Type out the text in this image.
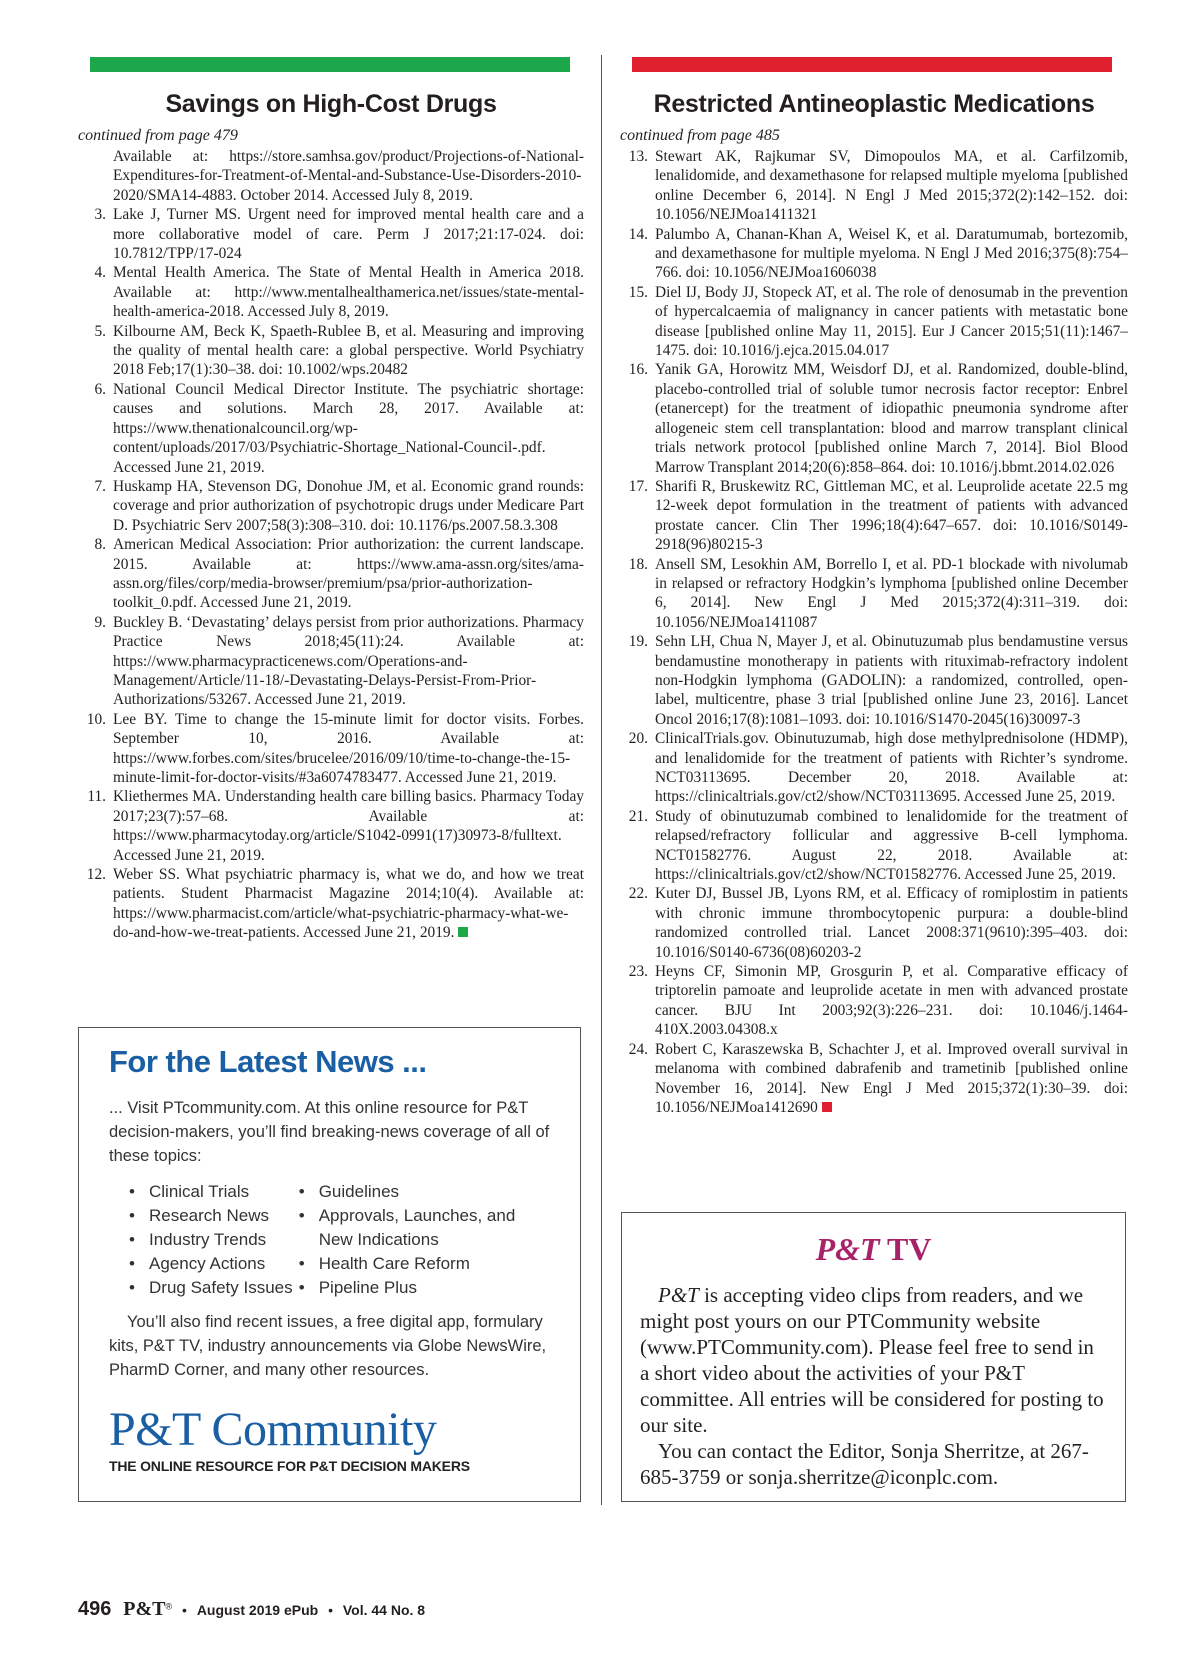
Savings on High-Cost Drugs
continued from page 479
Available at: https://store.samhsa.gov/product/Projections-of-National-Expenditures-for-Treatment-of-Mental-and-Substance-Use-Disorders-2010-2020/SMA14-4883. October 2014. Accessed July 8, 2019.
3. Lake J, Turner MS. Urgent need for improved mental health care and a more collaborative model of care. Perm J 2017;21:17-024. doi: 10.7812/TPP/17-024
4. Mental Health America. The State of Mental Health in America 2018. Available at: http://www.mentalhealthamerica.net/issues/state-mental-health-america-2018. Accessed July 8, 2019.
5. Kilbourne AM, Beck K, Spaeth-Rublee B, et al. Measuring and improving the quality of mental health care: a global perspective. World Psychiatry 2018 Feb;17(1):30–38. doi: 10.1002/wps.20482
6. National Council Medical Director Institute. The psychiatric shortage: causes and solutions. March 28, 2017. Available at: https://www.thenationalcouncil.org/wp-content/uploads/2017/03/Psychiatric-Shortage_National-Council-.pdf. Accessed June 21, 2019.
7. Huskamp HA, Stevenson DG, Donohue JM, et al. Economic grand rounds: coverage and prior authorization of psychotropic drugs under Medicare Part D. Psychiatric Serv 2007;58(3):308–310. doi: 10.1176/ps.2007.58.3.308
8. American Medical Association: Prior authorization: the current landscape. 2015. Available at: https://www.ama-assn.org/sites/ama-assn.org/files/corp/media-browser/premium/psa/prior-authorization-toolkit_0.pdf. Accessed June 21, 2019.
9. Buckley B. ‘Devastating’ delays persist from prior authorizations. Pharmacy Practice News 2018;45(11):24. Available at: https://www.pharmacypracticenews.com/Operations-and-Management/Article/11-18/-Devastating-Delays-Persist-From-Prior-Authorizations/53267. Accessed June 21, 2019.
10. Lee BY. Time to change the 15-minute limit for doctor visits. Forbes. September 10, 2016. Available at: https://www.forbes.com/sites/brucelee/2016/09/10/time-to-change-the-15-minute-limit-for-doctor-visits/#3a6074783477. Accessed June 21, 2019.
11. Kliethermes MA. Understanding health care billing basics. Pharmacy Today 2017;23(7):57–68. Available at: https://www.pharmacytoday.org/article/S1042-0991(17)30973-8/fulltext. Accessed June 21, 2019.
12. Weber SS. What psychiatric pharmacy is, what we do, and how we treat patients. Student Pharmacist Magazine 2014;10(4). Available at: https://www.pharmacist.com/article/what-psychiatric-pharmacy-what-we-do-and-how-we-treat-patients. Accessed June 21, 2019.
Restricted Antineoplastic Medications
continued from page 485
13. Stewart AK, Rajkumar SV, Dimopoulos MA, et al. Carfilzomib, lenalidomide, and dexamethasone for relapsed multiple myeloma [published online December 6, 2014]. N Engl J Med 2015;372(2):142–152. doi: 10.1056/NEJMoa1411321
14. Palumbo A, Chanan-Khan A, Weisel K, et al. Daratumumab, bortezomib, and dexamethasone for multiple myeloma. N Engl J Med 2016;375(8):754–766. doi: 10.1056/NEJMoa1606038
15. Diel IJ, Body JJ, Stopeck AT, et al. The role of denosumab in the prevention of hypercalcaemia of malignancy in cancer patients with metastatic bone disease [published online May 11, 2015]. Eur J Cancer 2015;51(11):1467–1475. doi: 10.1016/j.ejca.2015.04.017
16. Yanik GA, Horowitz MM, Weisdorf DJ, et al. Randomized, double-blind, placebo-controlled trial of soluble tumor necrosis factor receptor: Enbrel (etanercept) for the treatment of idiopathic pneumonia syndrome after allogeneic stem cell transplantation: blood and marrow transplant clinical trials network protocol [published online March 7, 2014]. Biol Blood Marrow Transplant 2014;20(6):858–864. doi: 10.1016/j.bbmt.2014.02.026
17. Sharifi R, Bruskewitz RC, Gittleman MC, et al. Leuprolide acetate 22.5 mg 12-week depot formulation in the treatment of patients with advanced prostate cancer. Clin Ther 1996;18(4):647–657. doi: 10.1016/S0149-2918(96)80215-3
18. Ansell SM, Lesokhin AM, Borrello I, et al. PD-1 blockade with nivolumab in relapsed or refractory Hodgkin’s lymphoma [published online December 6, 2014]. New Engl J Med 2015;372(4):311–319. doi: 10.1056/NEJMoa1411087
19. Sehn LH, Chua N, Mayer J, et al. Obinutuzumab plus bendamustine versus bendamustine monotherapy in patients with rituximab-refractory indolent non-Hodgkin lymphoma (GADOLIN): a randomized, controlled, open-label, multicentre, phase 3 trial [published online June 23, 2016]. Lancet Oncol 2016;17(8):1081–1093. doi: 10.1016/S1470-2045(16)30097-3
20. ClinicalTrials.gov. Obinutuzumab, high dose methylprednisolone (HDMP), and lenalidomide for the treatment of patients with Richter’s syndrome. NCT03113695. December 20, 2018. Available at: https://clinicaltrials.gov/ct2/show/NCT03113695. Accessed June 25, 2019.
21. Study of obinutuzumab combined to lenalidomide for the treatment of relapsed/refractory follicular and aggressive B-cell lymphoma. NCT01582776. August 22, 2018. Available at: https://clinicaltrials.gov/ct2/show/NCT01582776. Accessed June 25, 2019.
22. Kuter DJ, Bussel JB, Lyons RM, et al. Efficacy of romiplostim in patients with chronic immune thrombocytopenic purpura: a double-blind randomized controlled trial. Lancet 2008:371(9610):395–403. doi: 10.1016/S0140-6736(08)60203-2
23. Heyns CF, Simonin MP, Grosgurin P, et al. Comparative efficacy of triptorelin pamoate and leuprolide acetate in men with advanced prostate cancer. BJU Int 2003;92(3):226–231. doi: 10.1046/j.1464-410X.2003.04308.x
24. Robert C, Karaszewska B, Schachter J, et al. Improved overall survival in melanoma with combined dabrafenib and trametinib [published online November 16, 2014]. New Engl J Med 2015;372(1):30–39. doi: 10.1056/NEJMoa1412690
For the Latest News ...
... Visit PTcommunity.com. At this online resource for P&T decision-makers, you’ll find breaking-news coverage of all of these topics:
• Clinical Trials
• Research News
• Industry Trends
• Agency Actions
• Drug Safety Issues
• Guidelines
• Approvals, Launches, and New Indications
• Health Care Reform
• Pipeline Plus
You’ll also find recent issues, a free digital app, formulary kits, P&T TV, industry announcements via Globe NewsWire, PharmD Corner, and many other resources.
P&T Community
THE ONLINE RESOURCE FOR P&T DECISION MAKERS
P&T TV

P&T is accepting video clips from readers, and we might post yours on our PTCommunity website (www.PTCommunity.com). Please feel free to send in a short video about the activities of your P&T committee. All entries will be considered for posting to our site.

You can contact the Editor, Sonja Sherritze, at 267-685-3759 or sonja.sherritze@iconplc.com.

496 P&T® • August 2019 ePub • Vol. 44 No. 8
